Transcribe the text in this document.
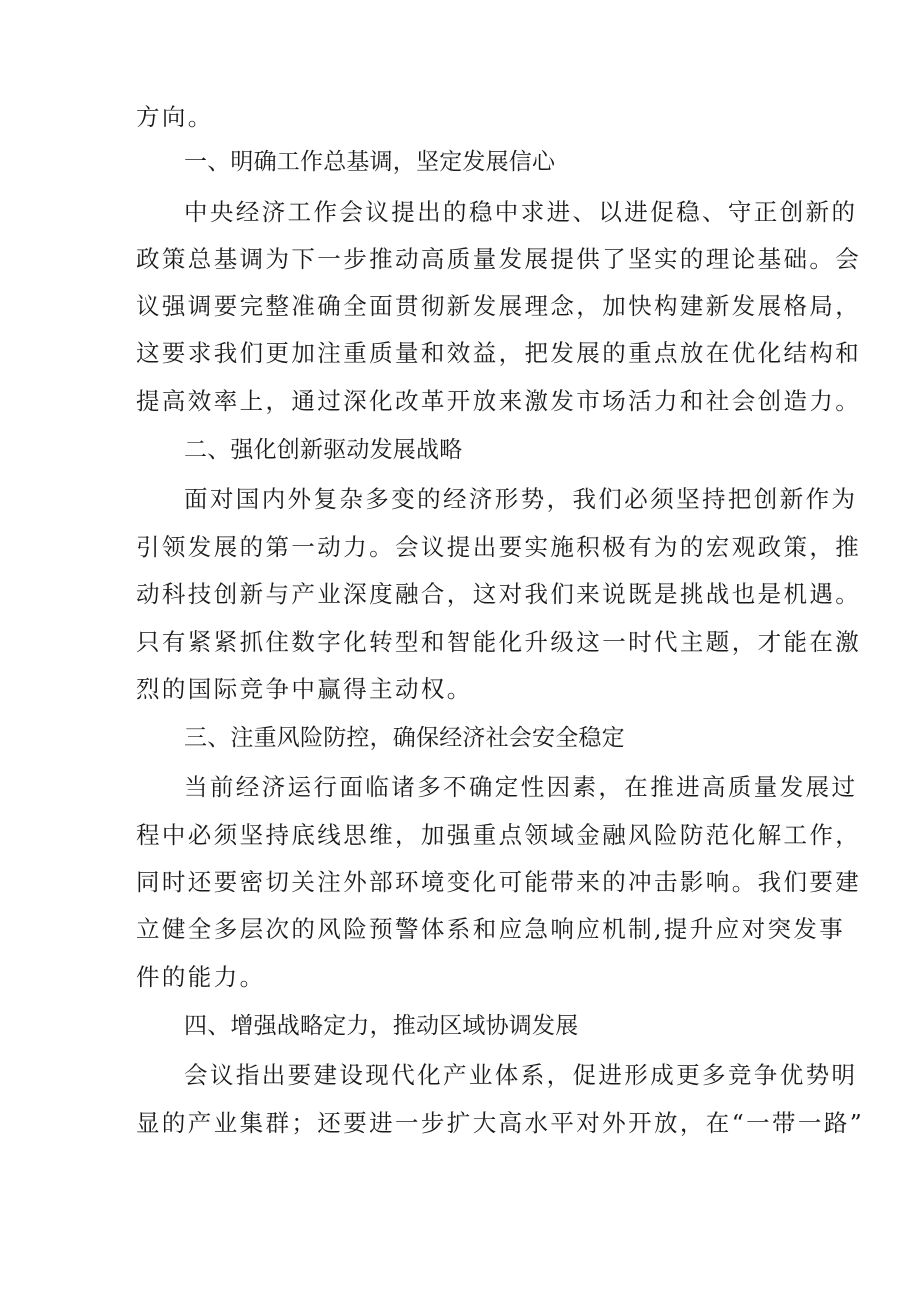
方向。
一、明确工作总基调，坚定发展信心
中央经济工作会议提出的稳中求进、以进促稳、守正创新的
政策总基调为下一步推动高质量发展提供了坚实的理论基础。会
议强调要完整准确全面贯彻新发展理念，加快构建新发展格局，
这要求我们更加注重质量和效益，把发展的重点放在优化结构和
提高效率上，通过深化改革开放来激发市场活力和社会创造力。
二、强化创新驱动发展战略
面对国内外复杂多变的经济形势，我们必须坚持把创新作为
引领发展的第一动力。会议提出要实施积极有为的宏观政策，推
动科技创新与产业深度融合，这对我们来说既是挑战也是机遇。
只有紧紧抓住数字化转型和智能化升级这一时代主题，才能在激
烈的国际竞争中赢得主动权。
三、注重风险防控，确保经济社会安全稳定
当前经济运行面临诸多不确定性因素，在推进高质量发展过
程中必须坚持底线思维，加强重点领域金融风险防范化解工作，
同时还要密切关注外部环境变化可能带来的冲击影响。我们要建
立健全多层次的风险预警体系和应急响应机制,提升应对突发事
件的能力。
四、增强战略定力，推动区域协调发展
会议指出要建设现代化产业体系，促进形成更多竞争优势明
显的产业集群；还要进一步扩大高水平对外开放，在“一带一路”
